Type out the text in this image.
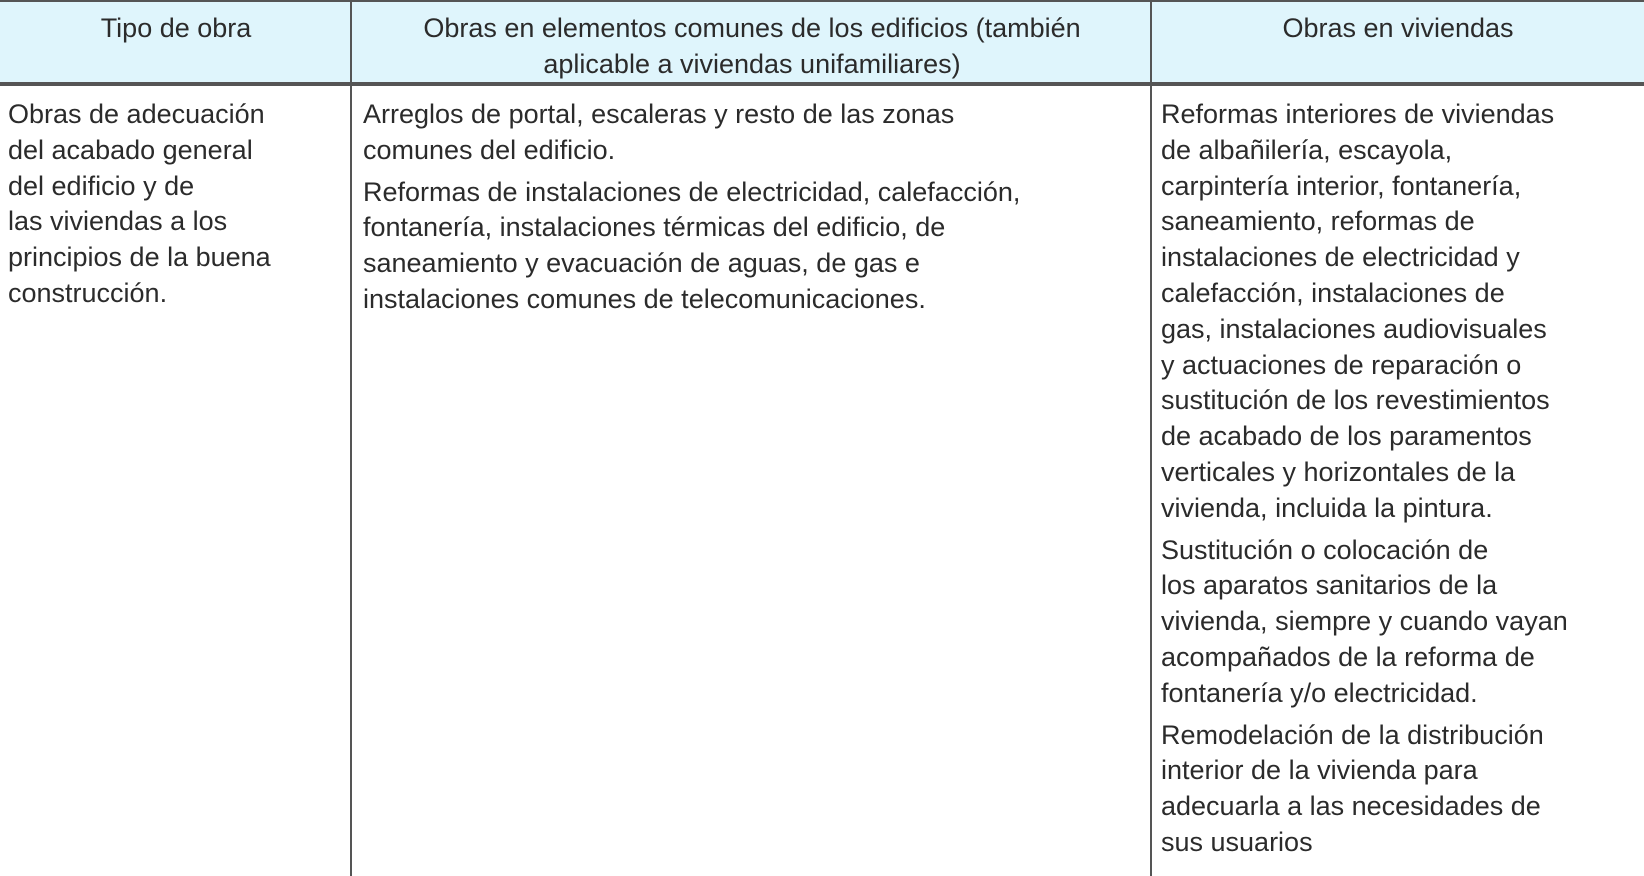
Tipo de obra	Obras en elementos comunes de los edificios (también
aplicable a viviendas unifamiliares)
Obras en viviendas

Obras de adecuación
del acabado general
del edificio y de
las viviendas a los
principios de la buena
construcción.

Arreglos de portal, escaleras y resto de las zonas
comunes del edificio.

Reformas de instalaciones de electricidad, calefacción,
fontanería, instalaciones térmicas del edificio, de
saneamiento y evacuación de aguas, de gas e
instalaciones comunes de telecomunicaciones.

Reformas interiores de viviendas
de albañilería, escayola,
carpintería interior, fontanería,
saneamiento, reformas de
instalaciones de electricidad y
calefacción, instalaciones de
gas, instalaciones audiovisuales
y actuaciones de reparación o
sustitución de los revestimientos
de acabado de los paramentos
verticales y horizontales de la
vivienda, incluida la pintura.

Sustitución o colocación de
los aparatos sanitarios de la
vivienda, siempre y cuando vayan
acompañados de la reforma de
fontanería y/o electricidad.

Remodelación de la distribución
interior de la vivienda para
adecuarla a las necesidades de
sus usuarios
